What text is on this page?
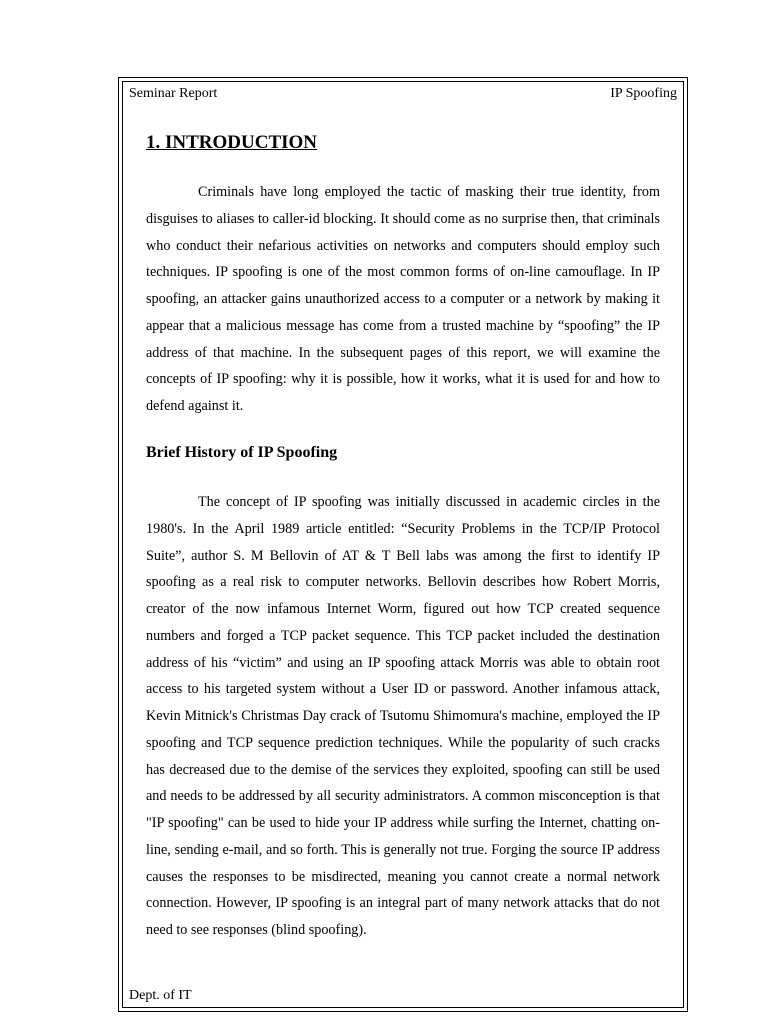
Seminar Report	IP Spoofing
1. INTRODUCTION

Criminals have long employed the tactic of masking their true identity, from disguises to aliases to caller-id blocking. It should come as no surprise then, that criminals who conduct their nefarious activities on networks and computers should employ such techniques. IP spoofing is one of the most common forms of on-line camouflage. In IP spoofing, an attacker gains unauthorized access to a computer or a network by making it appear that a malicious message has come from a trusted machine by “spoofing” the IP address of that machine. In the subsequent pages of this report, we will examine the concepts of IP spoofing: why it is possible, how it works, what it is used for and how to defend against it.

Brief History of IP Spoofing

The concept of IP spoofing was initially discussed in academic circles in the 1980's. In the April 1989 article entitled: “Security Problems in the TCP/IP Protocol Suite”, author S. M Bellovin of AT & T Bell labs was among the first to identify IP spoofing as a real risk to computer networks. Bellovin describes how Robert Morris, creator of the now infamous Internet Worm, figured out how TCP created sequence numbers and forged a TCP packet sequence. This TCP packet included the destination address of his “victim” and using an IP spoofing attack Morris was able to obtain root access to his targeted system without a User ID or password. Another infamous attack, Kevin Mitnick's Christmas Day crack of Tsutomu Shimomura's machine, employed the IP spoofing and TCP sequence prediction techniques. While the popularity of such cracks has decreased due to the demise of the services they exploited, spoofing can still be used and needs to be addressed by all security administrators. A common misconception is that "IP spoofing" can be used to hide your IP address while surfing the Internet, chatting on-line, sending e-mail, and so forth. This is generally not true. Forging the source IP address causes the responses to be misdirected, meaning you cannot create a normal network connection. However, IP spoofing is an integral part of many network attacks that do not need to see responses (blind spoofing).

Dept. of IT
